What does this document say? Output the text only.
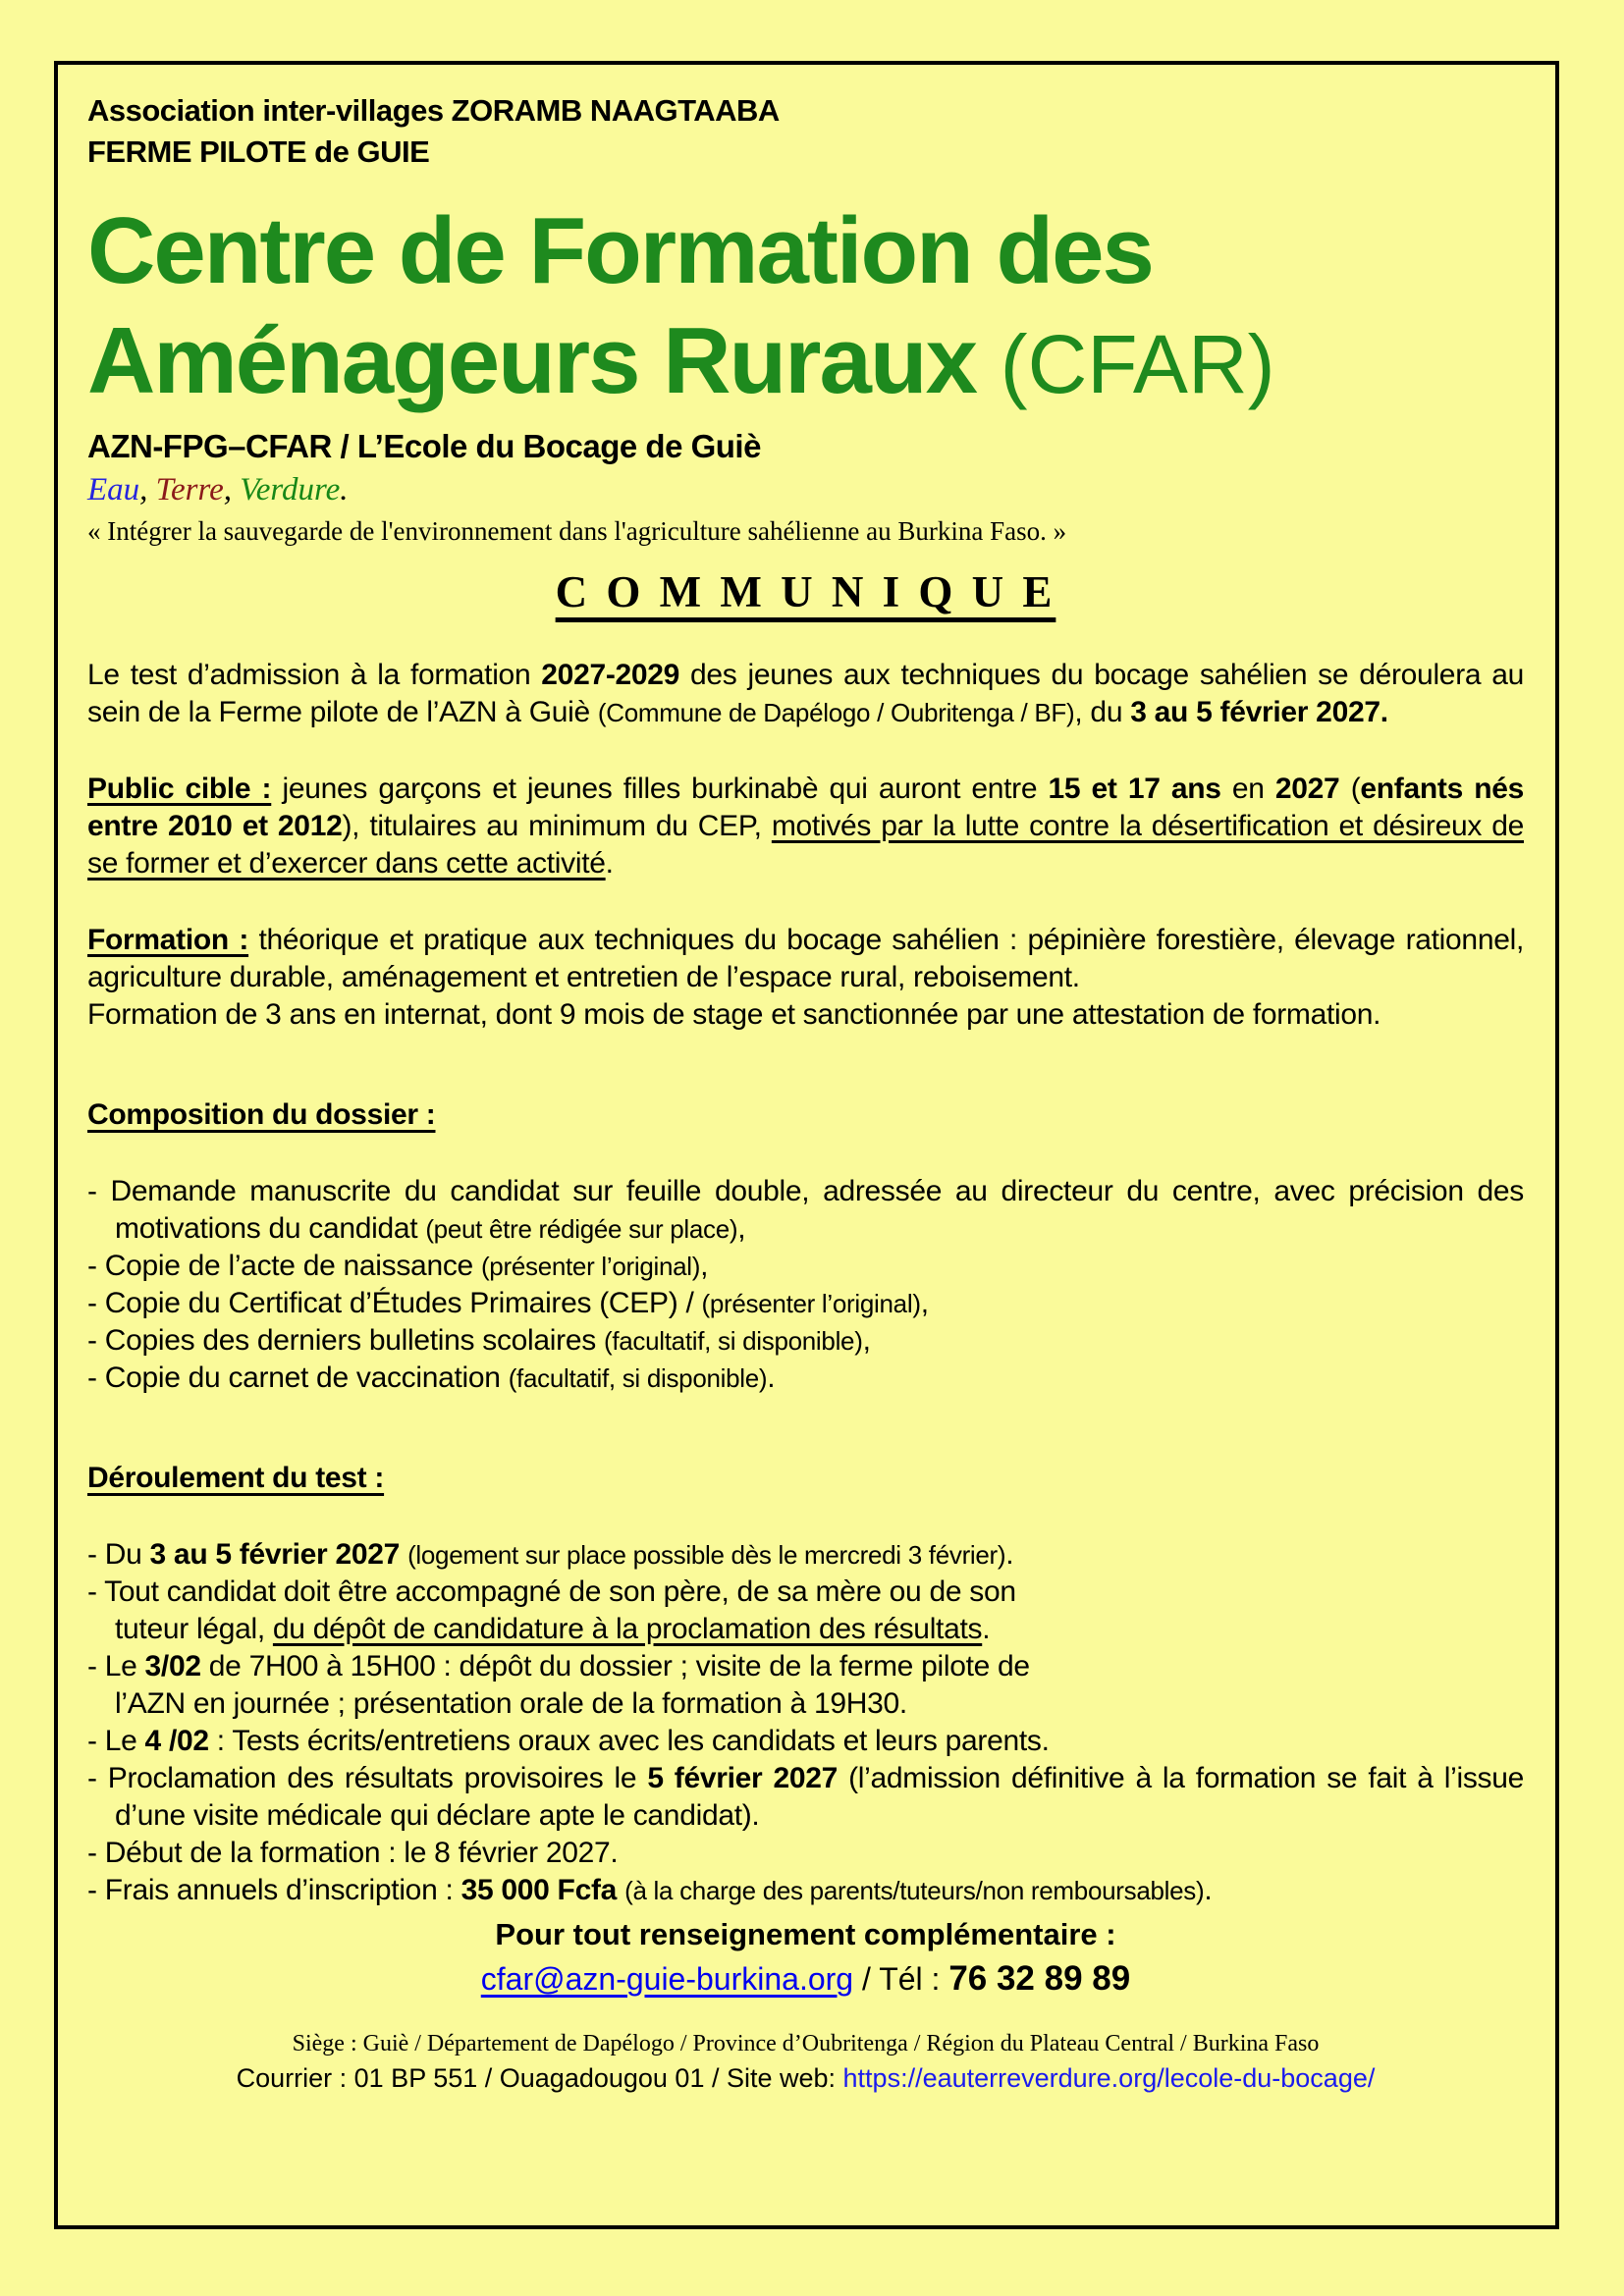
Association inter-villages ZORAMB NAAGTAABA
FERME PILOTE de GUIE
Centre de Formation des
Aménageurs Ruraux (CFAR)
AZN-FPG–CFAR / L’Ecole du Bocage de Guiè
Eau, Terre, Verdure.
« Intégrer la sauvegarde de l'environnement dans l'agriculture sahélienne au Burkina Faso. »
C O M M U N I Q U E

Le test d’admission à la formation 2027-2029 des jeunes aux techniques du bocage sahélien se déroulera au sein de la Ferme pilote de l’AZN à Guiè (Commune de Dapélogo / Oubritenga / BF), du 3 au 5 février 2027.

Public cible : jeunes garçons et jeunes filles burkinabè qui auront entre 15 et 17 ans en 2027 (enfants nés entre 2010 et 2012), titulaires au minimum du CEP, motivés par la lutte contre la désertification et désireux de se former et d’exercer dans cette activité.

Formation : théorique et pratique aux techniques du bocage sahélien : pépinière forestière, élevage rationnel, agriculture durable, aménagement et entretien de l’espace rural, reboisement.

Formation de 3 ans en internat, dont 9 mois de stage et sanctionnée par une attestation de formation.

Composition du dossier :

- Demande manuscrite du candidat sur feuille double, adressée au directeur du centre, avec précision des motivations du candidat (peut être rédigée sur place),

- Copie de l’acte de naissance (présenter l’original),

- Copie du Certificat d’Études Primaires (CEP) / (présenter l’original),

- Copies des derniers bulletins scolaires (facultatif, si disponible),

- Copie du carnet de vaccination (facultatif, si disponible).

Déroulement du test :

- Du 3 au 5 février 2027 (logement sur place possible dès le mercredi 3 février).

- Tout candidat doit être accompagné de son père, de sa mère ou de son
tuteur légal, du dépôt de candidature à la proclamation des résultats.

- Le 3/02 de 7H00 à 15H00 : dépôt du dossier ; visite de la ferme pilote de
l’AZN en journée ; présentation orale de la formation à 19H30.

- Le 4 /02 : Tests écrits/entretiens oraux avec les candidats et leurs parents.

- Proclamation des résultats provisoires le 5 février 2027 (l’admission définitive à la formation se fait à l’issue d’une visite médicale qui déclare apte le candidat).

- Début de la formation : le 8 février 2027.

- Frais annuels d’inscription : 35 000 Fcfa (à la charge des parents/tuteurs/non remboursables).

Pour tout renseignement complémentaire :

cfar@azn-guie-burkina.org / Tél : 76 32 89 89

Siège : Guiè / Département de Dapélogo / Province d’Oubritenga / Région du Plateau Central / Burkina Faso

Courrier : 01 BP 551 / Ouagadougou 01 / Site web: https://eauterreverdure.org/lecole-du-bocage/
